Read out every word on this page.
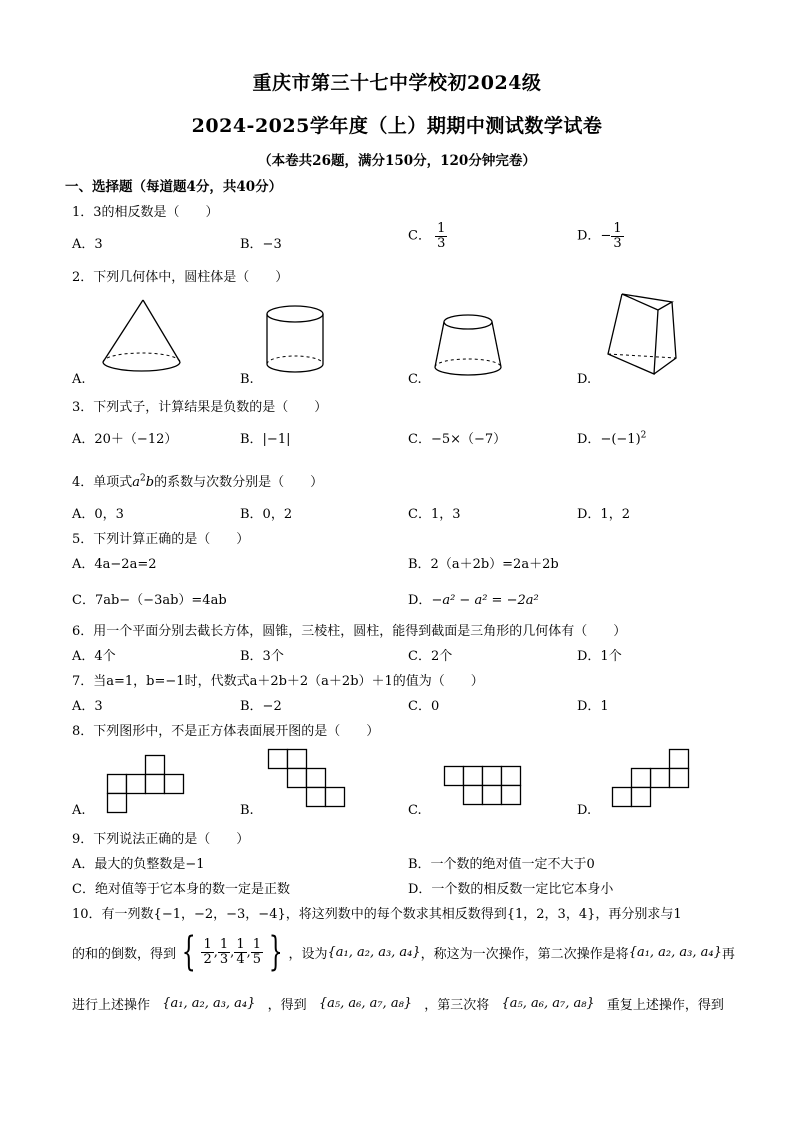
重庆市第三十七中学校初2024级
2024-2025学年度（上）期期中测试数学试卷
（本卷共26题，满分150分，120分钟完卷）
一、选择题（每道题4分，共40分）
1．3的相反数是（　　）
A．3	B．−3
C． $\frac{1}{3}$	D．− $\frac{1}{3}$
2．下列几何体中，圆柱体是（　　）
A.	B.	C.	D.
3．下列式子，计算结果是负数的是（　　）
A．20＋（−12）	B．|−1|	C．−5×（−7）	D．$-(-1)^2$
4．单项式$a^2b$的系数与次数分别是（　　）
A．0，3	B．0，2	C．1，3	D．1，2
5．下列计算正确的是（　　）
A．4a−2a=2	B．2（a＋2b）=2a＋2b
C．7ab−（−3ab）=4ab	D．−a² − a² = −2a²
6．用一个平面分别去截长方体，圆锥，三棱柱，圆柱，能得到截面是三角形的几何体有（　　）
A．4个	B．3个	C．2个	D．1个
7．当a=1，b=−1时，代数式a＋2b＋2（a＋2b）＋1的值为（　　）
A．3	B．−2	C．0	D．1
8．下列图形中，不是正方体表面展开图的是（　　）
A.	B.	C.	D.
9．下列说法正确的是（　　）
A．最大的负整数是−1	B．一个数的绝对值一定不大于0
C．绝对值等于它本身的数一定是正数	D．一个数的相反数一定比它本身小
10．有一列数{−1，−2，−3，−4}，将这列数中的每个数求其相反数得到{1，2，3，4}，再分别求与1
的和的倒数，得到 { $\frac{1}{2}$ , $\frac{1}{3}$ , $\frac{1}{4}$ , $\frac{1}{5}$ } ，设为 {a₁, a₂, a₃, a₄} ，称这为一次操作，第二次操作是将 {a₁, a₂, a₃, a₄} 再
进行上述操作 {a₁, a₂, a₃, a₄} ，得到 {a₅, a₆, a₇, a₈} ，第三次将 {a₅, a₆, a₇, a₈} 重复上述操作，得到
